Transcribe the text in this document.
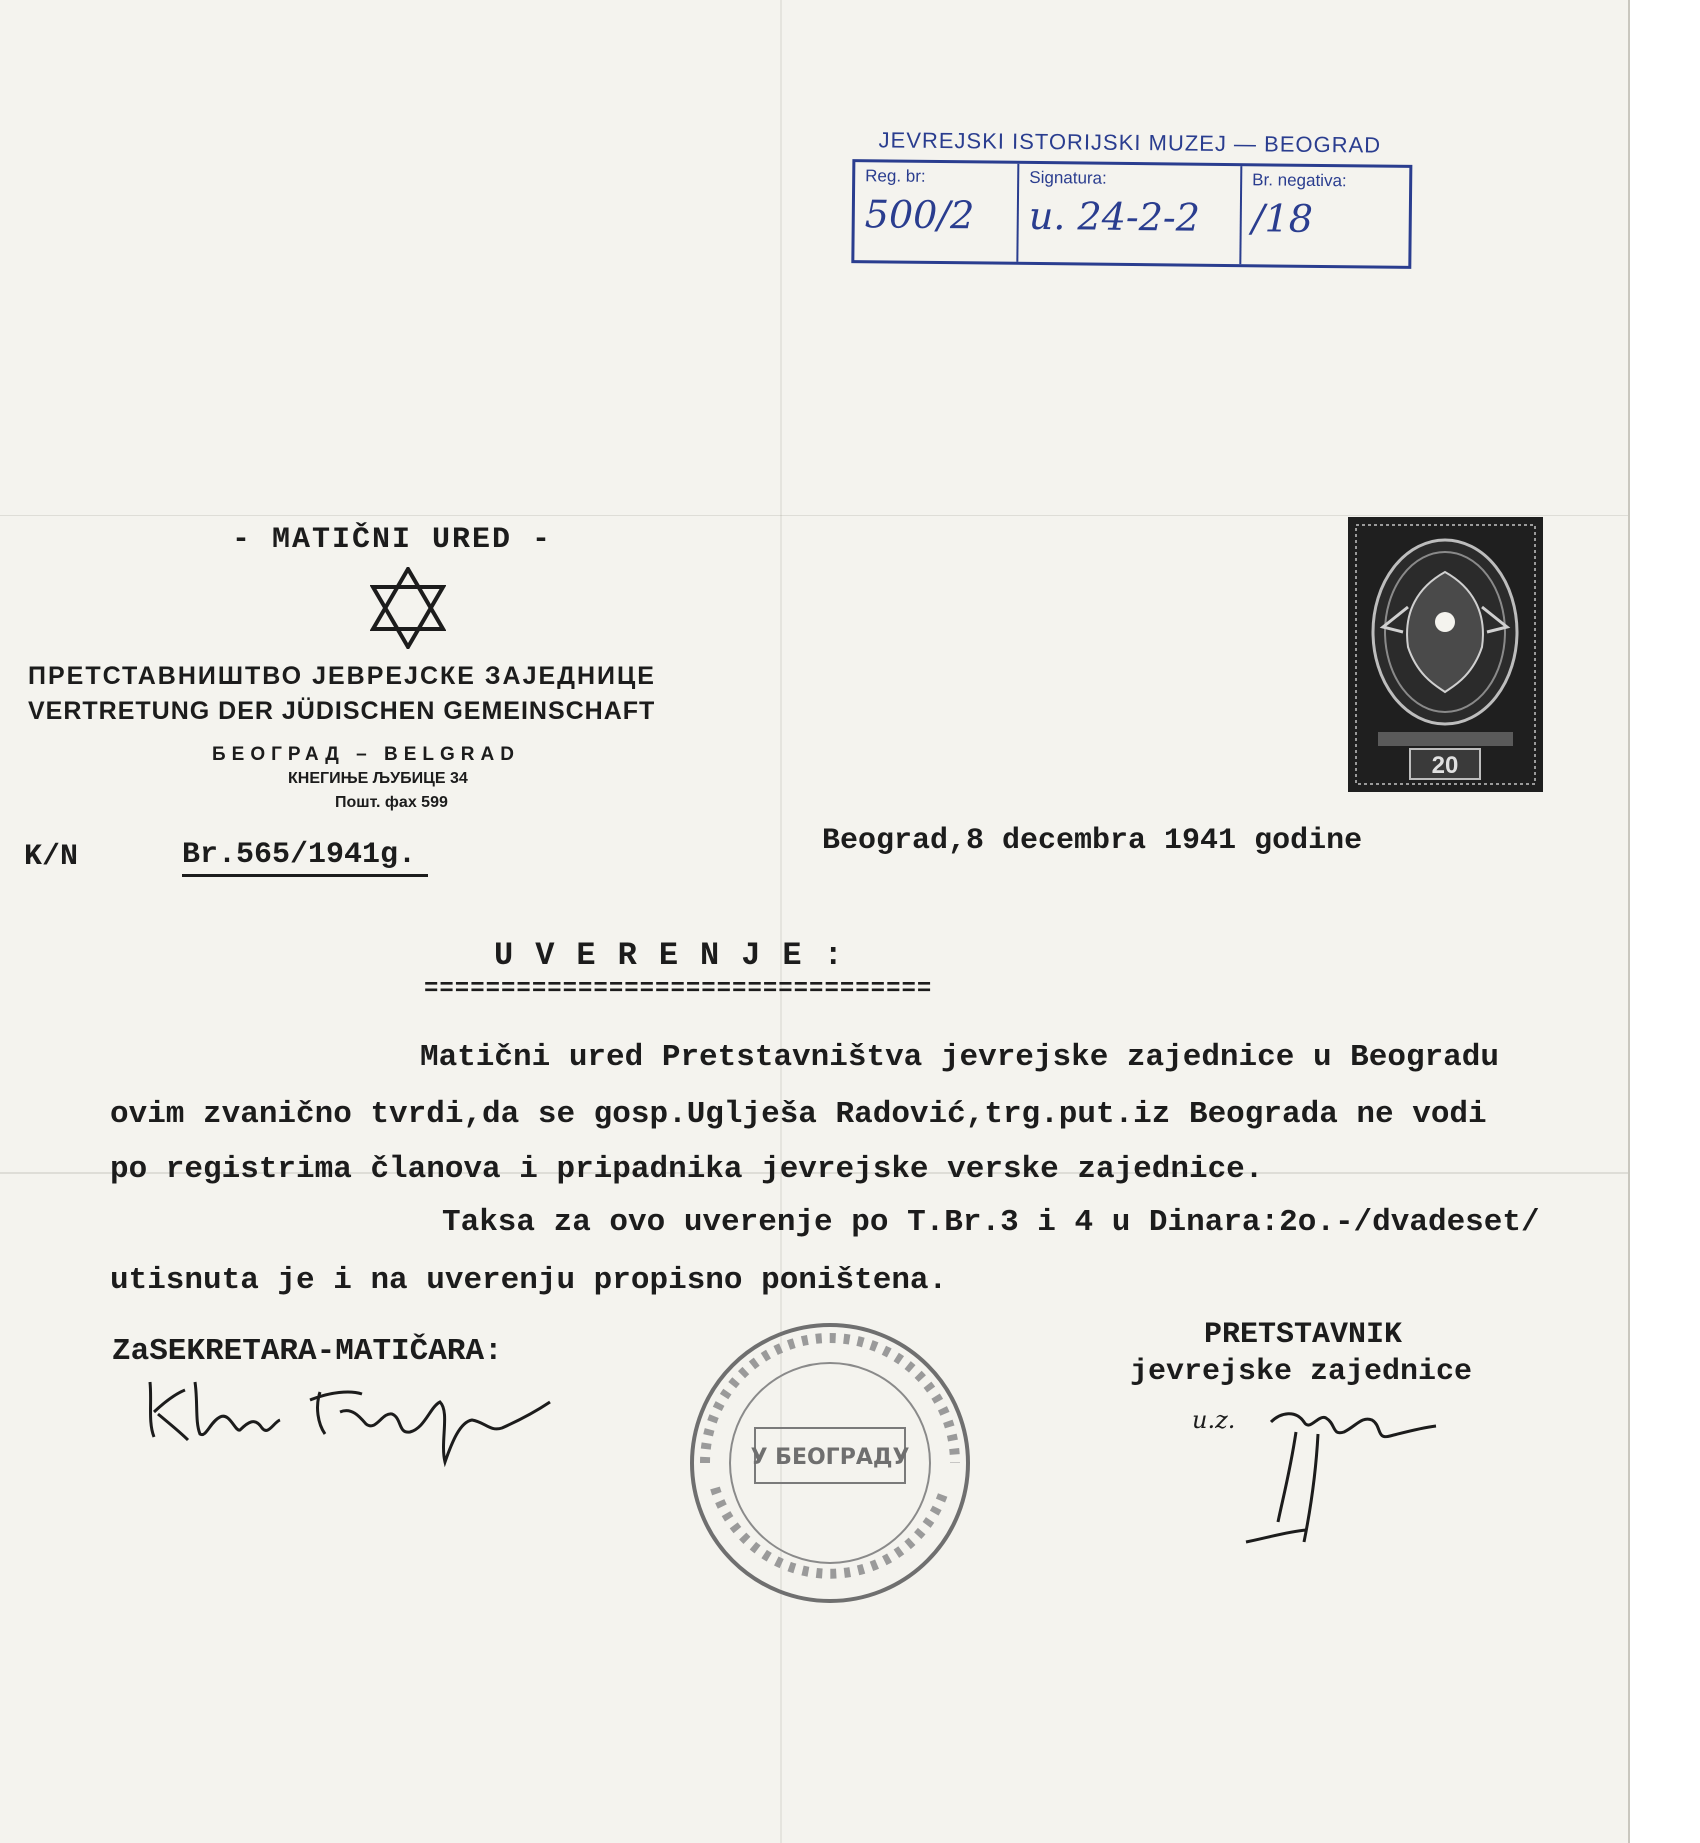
JEVREJSKI ISTORIJSKI MUZEJ — BEOGRAD
Reg. br:
500/2
Signatura:
u. 24-2-2
Br. negativa:
/18
- MATIČNI URED -
ПРЕТСТАВНИШТВО ЈЕВРЕЈСКЕ ЗАЈЕДНИЦЕ
VERTRETUNG DER JÜDISCHEN GEMEINSCHAFT
БЕОГРАД – BELGRAD
КНЕГИЊЕ ЉУБИЦЕ 34
Пошт. фах 599
20
K/N	Br.565/1941g.	Beograd,8 decembra 1941 godine
UVERENJE:
=================================
Matični ured Pretstavništva jevrejske zajednice u Beogradu
ovim zvanično tvrdi,da se gosp.Uglješa Radović,trg.put.iz Beograda ne vodi
po registrima članova i pripadnika jevrejske verske zajednice.
Taksa za ovo uverenje po T.Br.3 i 4 u Dinara:2o.-/dvadeset/
utisnuta je i na uverenju propisno poništena.
ZaSEKRETARA-MATIČARA:
У БЕОГРАДУ
PRETSTAVNIK
jevrejske zajednice
u.z.
